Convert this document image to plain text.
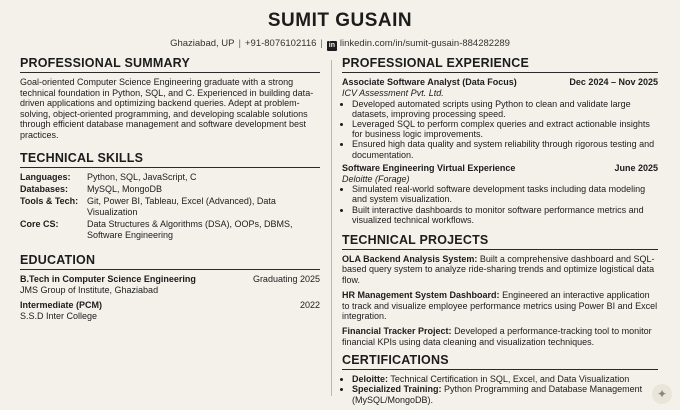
SUMIT GUSAIN
Ghaziabad, UP | +91-8076102116 | in linkedin.com/in/sumit-gusain-884282289
PROFESSIONAL SUMMARY

Goal-oriented Computer Science Engineering graduate with a strong technical foundation in Python, SQL, and C. Experienced in building data-driven applications and optimizing backend queries. Adept at problem-solving, object-oriented programming, and developing scalable solutions through efficient database management and software development best practices.

TECHNICAL SKILLS
Languages:	Python, SQL, JavaScript, C
Databases:	MySQL, MongoDB
Tools & Tech: Git, Power BI, Tableau, Excel (Advanced), Data Visualization
Core CS:	Data Structures & Algorithms (DSA), OOPs, DBMS, Software Engineering
EDUCATION
B.Tech in Computer Science Engineering	Graduating 2025
JMS Group of Institute, Ghaziabad
Intermediate (PCM)	2022
S.S.D Inter College
PROFESSIONAL EXPERIENCE
Associate Software Analyst (Data Focus)	Dec 2024 – Nov 2025
ICV Assessment Pvt. Ltd.
• Developed automated scripts using Python to clean and validate large datasets, improving processing speed.
• Leveraged SQL to perform complex queries and extract actionable insights for business logic improvements.
• Ensured high data quality and system reliability through rigorous testing and documentation.
Software Engineering Virtual Experience	June 2025
Deloitte (Forage)
• Simulated real-world software development tasks including data modeling and system visualization.
• Built interactive dashboards to monitor software performance metrics and visualized technical workflows.
TECHNICAL PROJECTS
OLA Backend Analysis System: Built a comprehensive dashboard and SQL-based query system to analyze ride-sharing trends and optimize logistical data flow.
HR Management System Dashboard: Engineered an interactive application to track and visualize employee performance metrics using Power BI and Excel integration.
Financial Tracker Project: Developed a performance-tracking tool to monitor financial KPIs using data cleaning and visualization techniques.
CERTIFICATIONS
• Deloitte: Technical Certification in SQL, Excel, and Data Visualization
• Specialized Training: Python Programming and Database Management (MySQL/MongoDB).	✦
